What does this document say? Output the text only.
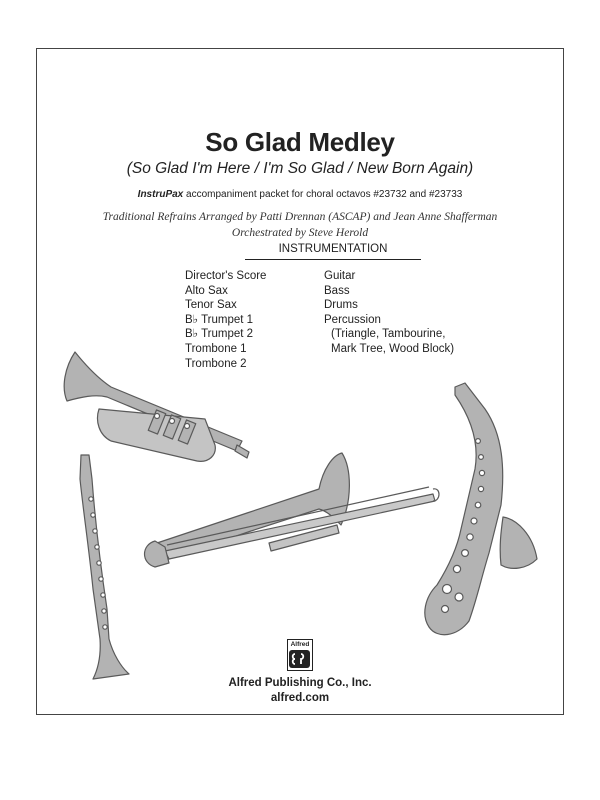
So Glad Medley
(So Glad I'm Here / I'm So Glad / New Born Again)
InstruPax accompaniment packet for choral octavos #23732 and #23733
Traditional Refrains Arranged by Patti Drennan (ASCAP) and Jean Anne Shafferman
Orchestrated by Steve Herold
INSTRUMENTATION
Director's Score
Alto Sax
Tenor Sax
B♭ Trumpet 1
B♭ Trumpet 2
Trombone 1
Trombone 2
Guitar
Bass
Drums
Percussion
(Triangle, Tambourine,
Mark Tree, Wood Block)
Alfred
Alfred Publishing Co., Inc.
alfred.com
